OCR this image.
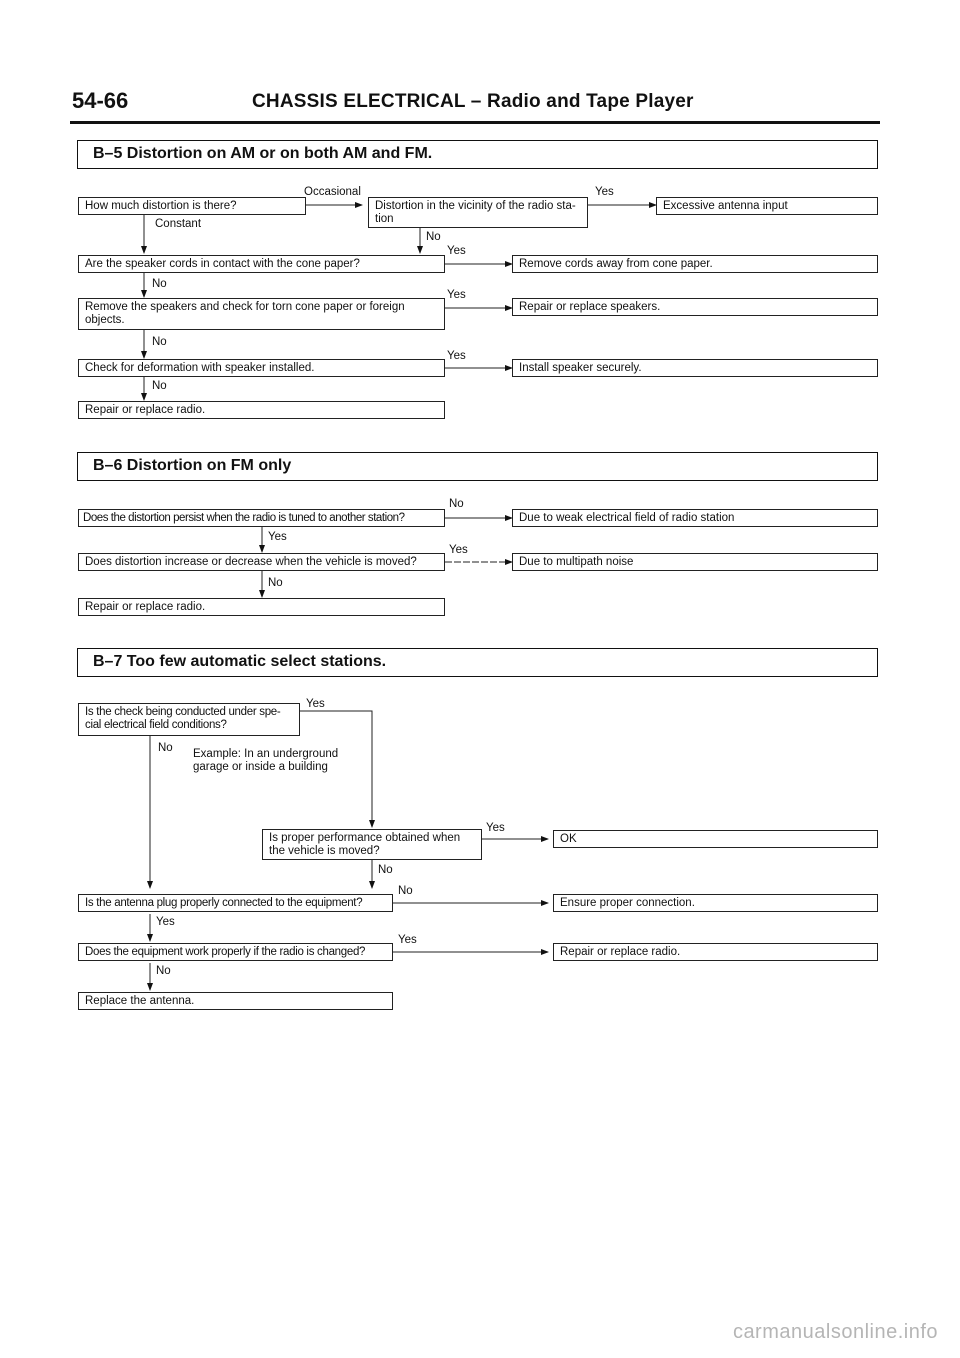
54-66	CHASSIS ELECTRICAL – Radio and Tape Player
B–5 Distortion on AM or on both AM and FM.
How much distortion is there?	Distortion in the vicinity of the radio sta-tion
Excessive antenna input
Are the speaker cords in contact with the cone paper?	Remove cords away from cone paper.
Remove the speakers and check for torn cone paper or foreign objects.
Repair or replace speakers.
Check for deformation with speaker installed.	Install speaker securely.
Repair or replace radio.
Occasional	Yes
Constant
No
Yes
No
Yes
No
Yes
No
B–6 Distortion on FM only
Does the distortion persist when the radio is tuned to another station?	Due to weak electrical field of radio station
Does distortion increase or decrease when the vehicle is moved?	Due to multipath noise
Repair or replace radio.
No
Yes
Yes
No
B–7 Too few automatic select stations.
Is the check being conducted under spe-cial electrical field conditions?
Example: In an underground garage or inside a building
Is proper performance obtained when the vehicle is moved?
OK
Is the antenna plug properly connected to the equipment?	Ensure proper connection.
Does the equipment work properly if the radio is changed?	Repair or replace radio.
Replace the antenna.
Yes
No
Yes
No
No
Yes
Yes
No
carmanualsonline.info
